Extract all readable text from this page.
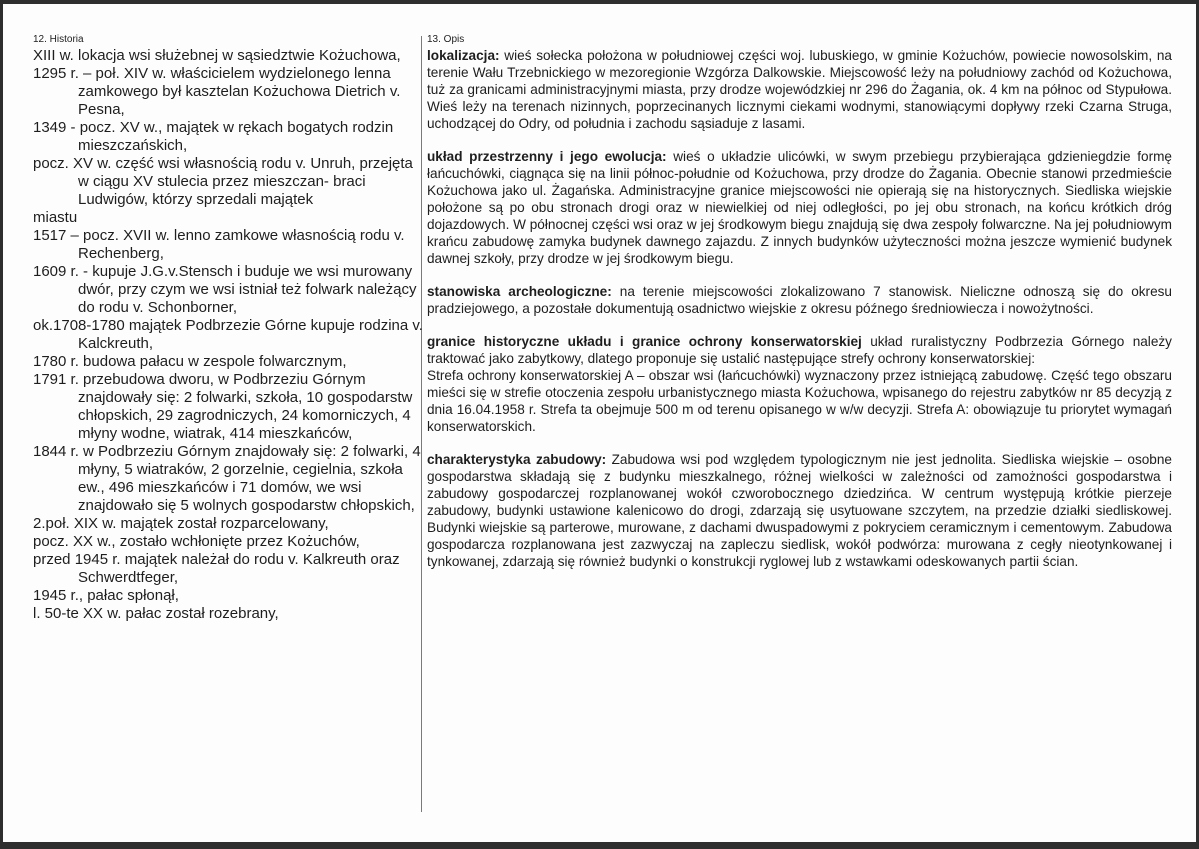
12. Historia
XIII w. lokacja wsi służebnej w sąsiedztwie Kożuchowa,
1295 r. – poł. XIV w. właścicielem wydzielonego lenna zamkowego był kasztelan Kożuchowa Dietrich v. Pesna,
1349 - pocz. XV w., majątek w rękach bogatych rodzin mieszczańskich,
pocz. XV w. część wsi własnością rodu v. Unruh, przejęta w ciągu XV stulecia przez mieszczan- braci Ludwigów, którzy sprzedali majątek
miastu
1517 – pocz. XVII w. lenno zamkowe własnością rodu v. Rechenberg,
1609 r. - kupuje J.G.v.Stensch i buduje we wsi murowany dwór, przy czym we wsi istniał też folwark należący do rodu v. Schonborner,
ok.1708-1780 majątek Podbrzezie Górne kupuje rodzina v. Kalckreuth,
1780 r. budowa pałacu w zespole folwarcznym,
1791 r. przebudowa dworu, w Podbrzeziu Górnym znajdowały się: 2 folwarki, szkoła, 10 gospodarstw chłopskich, 29 zagrodniczych, 24 komorniczych, 4 młyny wodne, wiatrak, 414 mieszkańców,
1844 r. w Podbrzeziu Górnym znajdowały się: 2 folwarki, 4 młyny, 5 wiatraków, 2 gorzelnie, cegielnia, szkoła ew., 496 mieszkańców i 71 domów, we wsi znajdowało się 5 wolnych gospodarstw chłopskich,
2.poł. XIX w. majątek został rozparcelowany,
pocz. XX w., zostało wchłonięte przez Kożuchów,
przed 1945 r. majątek należał do rodu v. Kalkreuth oraz Schwerdtfeger,
1945 r., pałac spłonął,
l. 50-te XX w. pałac został rozebrany,
13. Opis
lokalizacja: wieś sołecka położona w południowej części woj. lubuskiego, w gminie Kożuchów, powiecie nowosolskim, na terenie Wału Trzebnickiego w mezoregionie Wzgórza Dalkowskie. Miejscowość leży na południowy zachód od Kożuchowa, tuż za granicami administracyjnymi miasta, przy drodze wojewódzkiej nr 296 do Żagania, ok. 4 km na północ od Stypułowa. Wieś leży na terenach nizinnych, poprzecinanych licznymi ciekami wodnymi, stanowiącymi dopływy rzeki Czarna Struga, uchodzącej do Odry, od południa i zachodu sąsiaduje z lasami.
układ przestrzenny i jego ewolucja: wieś o układzie ulicówki, w swym przebiegu przybierająca gdzieniegdzie formę łańcuchówki, ciągnąca się na linii północ-południe od Kożuchowa, przy drodze do Żagania. Obecnie stanowi przedmieście Kożuchowa jako ul. Żagańska. Administracyjne granice miejscowości nie opierają się na historycznych. Siedliska wiejskie położone są po obu stronach drogi oraz w niewielkiej od niej odległości, po jej obu stronach, na końcu krótkich dróg dojazdowych. W północnej części wsi oraz w jej środkowym biegu znajdują się dwa zespoły folwarczne. Na jej południowym krańcu zabudowę zamyka budynek dawnego zajazdu. Z innych budynków użyteczności można jeszcze wymienić budynek dawnej szkoły, przy drodze w jej środkowym biegu.
stanowiska archeologiczne: na terenie miejscowości zlokalizowano 7 stanowisk. Nieliczne odnoszą się do okresu pradziejowego, a pozostałe dokumentują osadnictwo wiejskie z okresu późnego średniowiecza i nowożytności.
granice historyczne układu i granice ochrony konserwatorskiej układ ruralistyczny Podbrzezia Górnego należy traktować jako zabytkowy, dlatego proponuje się ustalić następujące strefy ochrony konserwatorskiej:
Strefa ochrony konserwatorskiej A – obszar wsi (łańcuchówki) wyznaczony przez istniejącą zabudowę. Część tego obszaru mieści się w strefie otoczenia zespołu urbanistycznego miasta Kożuchowa, wpisanego do rejestru zabytków nr 85 decyzją z dnia 16.04.1958 r. Strefa ta obejmuje 500 m od terenu opisanego w w/w decyzji. Strefa A: obowiązuje tu priorytet wymagań konserwatorskich.
charakterystyka zabudowy: Zabudowa wsi pod względem typologicznym nie jest jednolita. Siedliska wiejskie – osobne gospodarstwa składają się z budynku mieszkalnego, różnej wielkości w zależności od zamożności gospodarstwa i zabudowy gospodarczej rozplanowanej wokół czworobocznego dziedzińca. W centrum występują krótkie pierzeje zabudowy, budynki ustawione kalenicowo do drogi, zdarzają się usytuowane szczytem, na przedzie działki siedliskowej. Budynki wiejskie są parterowe, murowane, z dachami dwuspadowymi z pokryciem ceramicznym i cementowym. Zabudowa gospodarcza rozplanowana jest zazwyczaj na zapleczu siedlisk, wokół podwórza: murowana z cegły nieotynkowanej i tynkowanej, zdarzają się również budynki o konstrukcji ryglowej lub z wstawkami odeskowanych partii ścian.
